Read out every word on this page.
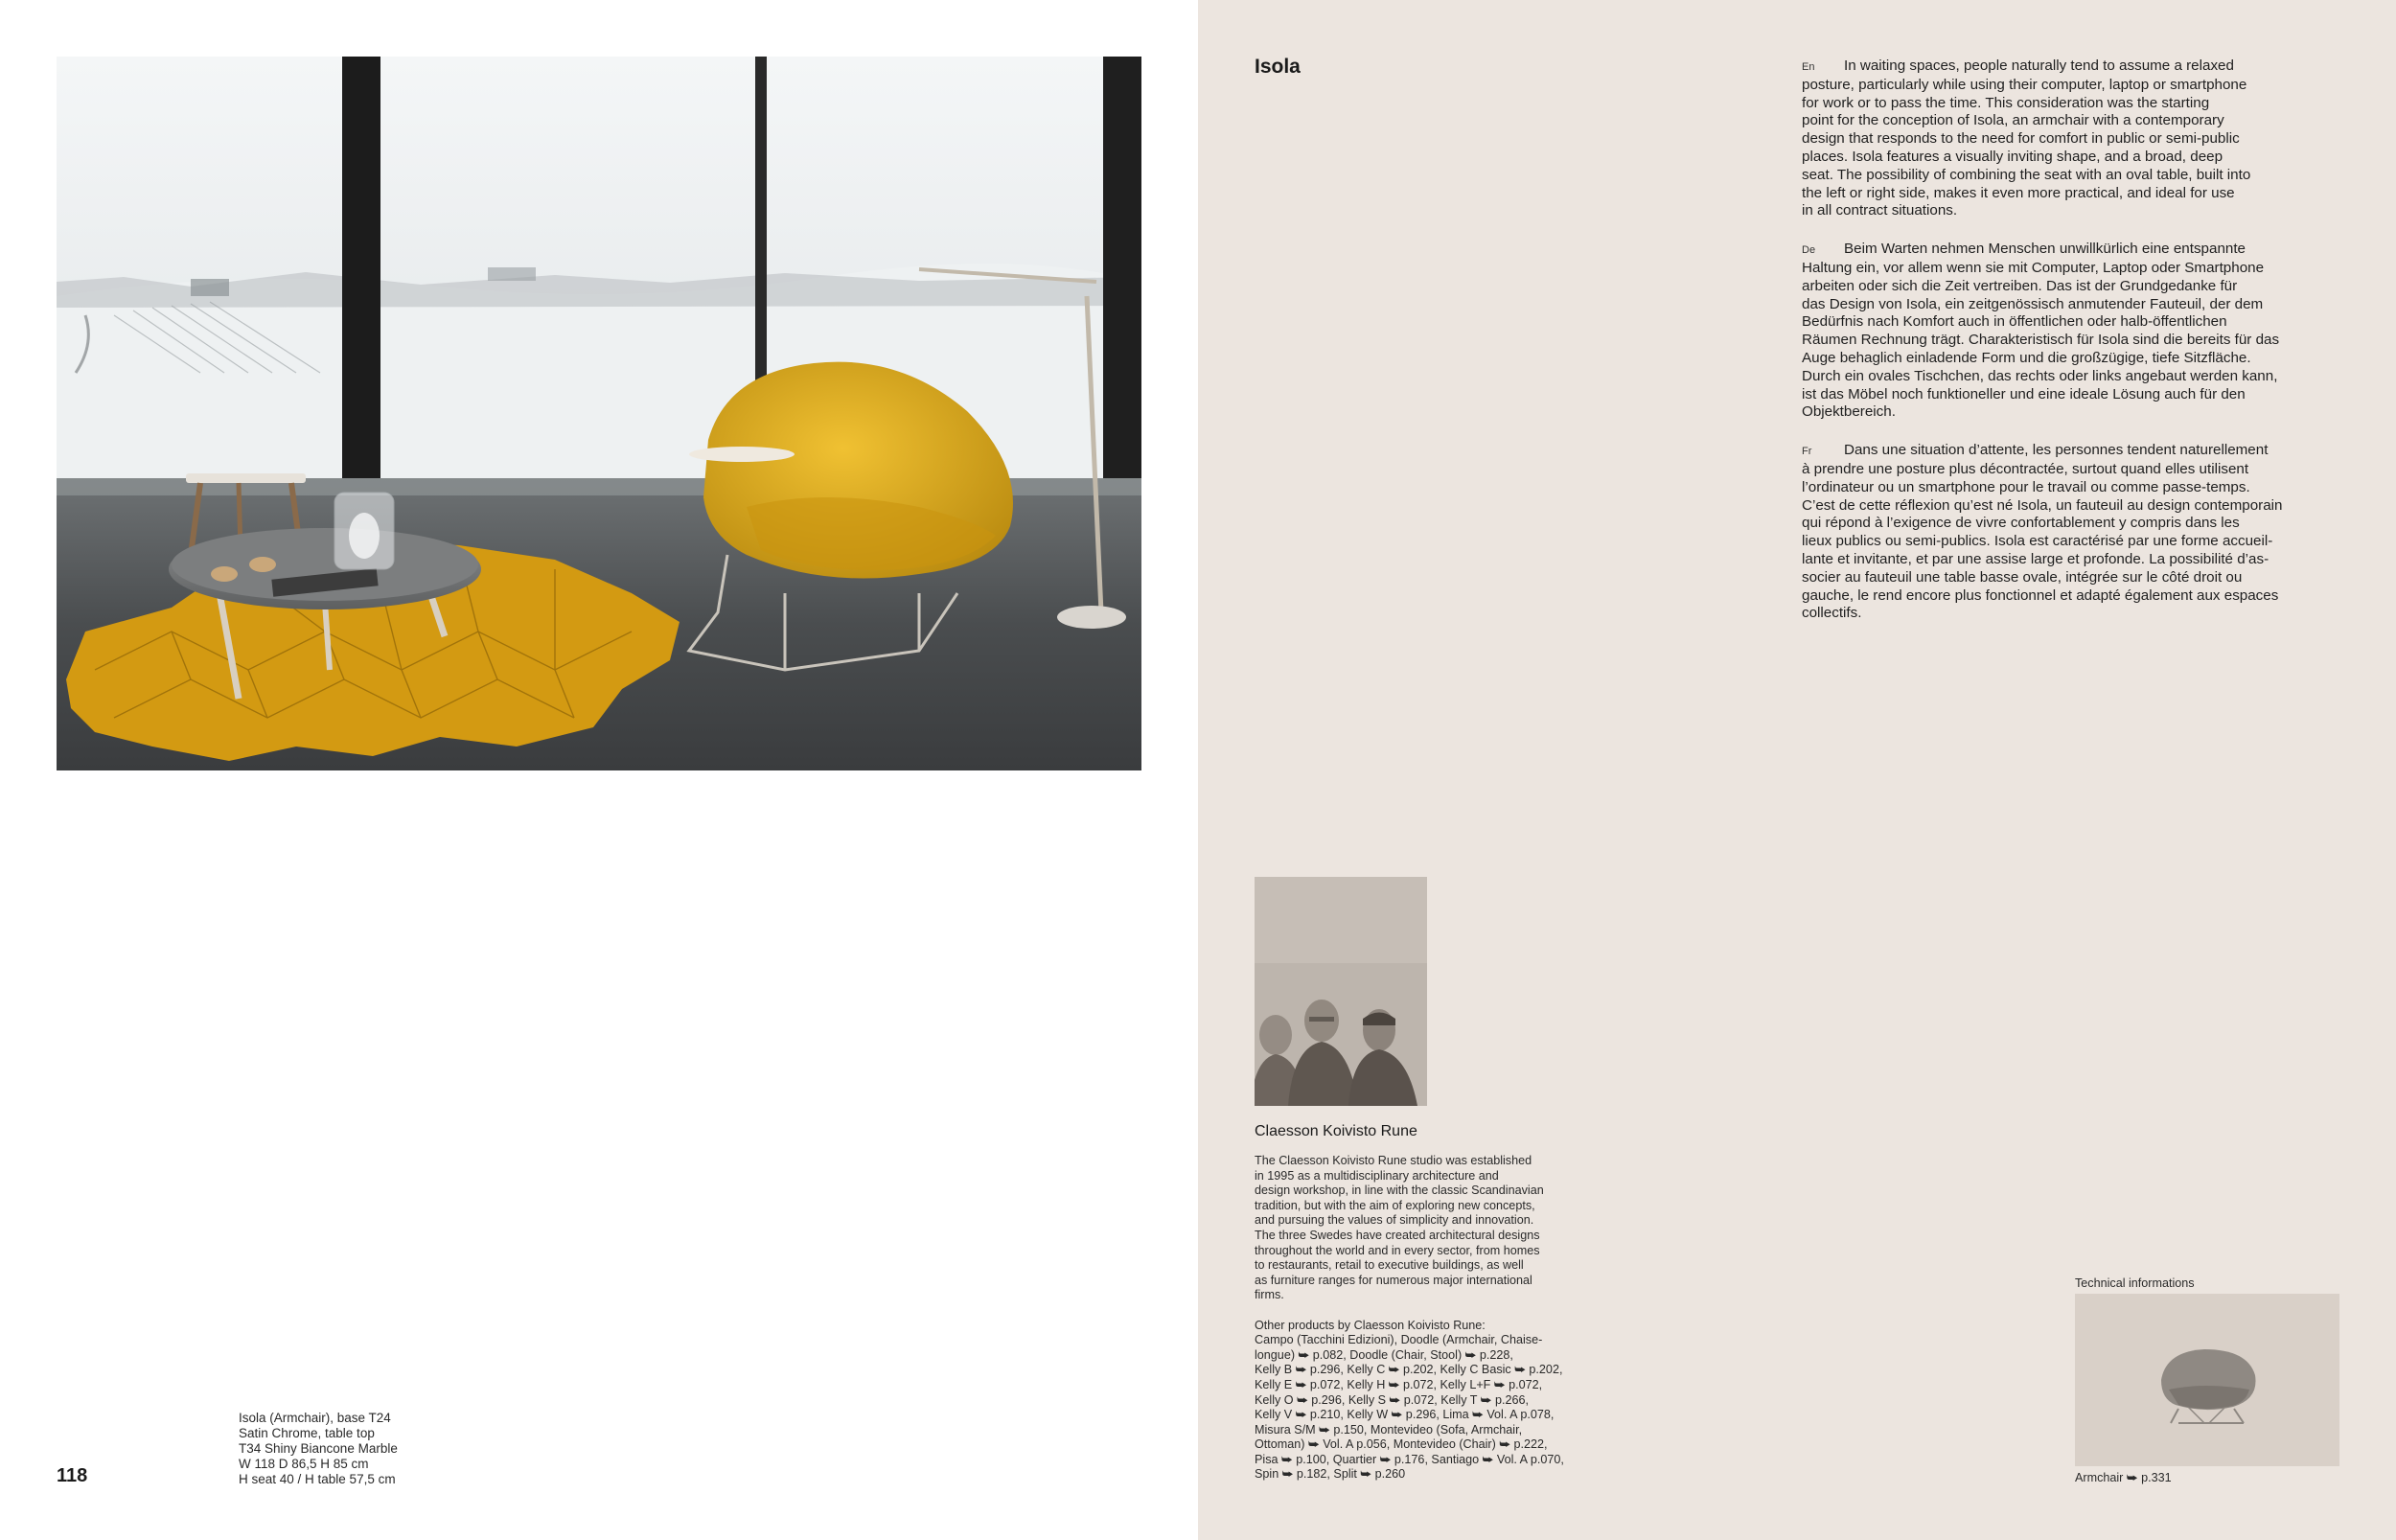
Isola (Armchair), base T24
Satin Chrome, table top
T34 Shiny Biancone Marble
W 118 D 86,5 H 85 cm
H seat 40 / H table 57,5 cm
118
Isola	En In waiting spaces, people naturally tend to assume a relaxed
posture, particularly while using their computer, laptop or smartphone
for work or to pass the time. This consideration was the starting
point for the conception of Isola, an armchair with a contemporary
design that responds to the need for comfort in public or semi-public
places. Isola features a visually inviting shape, and a broad, deep
seat. The possibility of combining the seat with an oval table, built into
the left or right side, makes it even more practical, and ideal for use
in all contract situations.
De Beim Warten nehmen Menschen unwillkürlich eine entspannte
Haltung ein, vor allem wenn sie mit Computer, Laptop oder Smartphone
arbeiten oder sich die Zeit vertreiben. Das ist der Grundgedanke für
das Design von Isola, ein zeitgenössisch anmutender Fauteuil, der dem
Bedürfnis nach Komfort auch in öffentlichen oder halb-öffentlichen
Räumen Rechnung trägt. Charakteristisch für Isola sind die bereits für das
Auge behaglich einladende Form und die großzügige, tiefe Sitzfläche.
Durch ein ovales Tischchen, das rechts oder links angebaut werden kann,
ist das Möbel noch funktioneller und eine ideale Lösung auch für den
Objektbereich.
Fr Dans une situation d’attente, les personnes tendent naturellement
à prendre une posture plus décontractée, surtout quand elles utilisent
l’ordinateur ou un smartphone pour le travail ou comme passe-temps.
C’est de cette réflexion qu’est né Isola, un fauteuil au design contemporain
qui répond à l’exigence de vivre confortablement y compris dans les
lieux publics ou semi-publics. Isola est caractérisé par une forme accueil-
lante et invitante, et par une assise large et profonde. La possibilité d’as-
socier au fauteuil une table basse ovale, intégrée sur le côté droit ou
gauche, le rend encore plus fonctionnel et adapté également aux espaces
collectifs.
Claesson Koivisto Rune
The Claesson Koivisto Rune studio was established
in 1995 as a multidisciplinary architecture and
design workshop, in line with the classic Scandinavian
tradition, but with the aim of exploring new concepts,
and pursuing the values of simplicity and innovation.
The three Swedes have created architectural designs
throughout the world and in every sector, from homes
to restaurants, retail to executive buildings, as well
as furniture ranges for numerous major international
firms.
Other products by Claesson Koivisto Rune:
Campo (Tacchini Edizioni), Doodle (Armchair, Chaise-
longue) ⮩ p.082, Doodle (Chair, Stool) ⮩ p.228,
Kelly B ⮩ p.296, Kelly C ⮩ p.202, Kelly C Basic ⮩ p.202,
Kelly E ⮩ p.072, Kelly H ⮩ p.072, Kelly L+F ⮩ p.072,
Kelly O ⮩ p.296, Kelly S ⮩ p.072, Kelly T ⮩ p.266,
Kelly V ⮩ p.210, Kelly W ⮩ p.296, Lima ⮩ Vol. A p.078,
Misura S/M ⮩ p.150, Montevideo (Sofa, Armchair,
Ottoman) ⮩ Vol. A p.056, Montevideo (Chair) ⮩ p.222,
Pisa ⮩ p.100, Quartier ⮩ p.176, Santiago ⮩ Vol. A p.070,
Spin ⮩ p.182, Split ⮩ p.260
Technical informations
Armchair ⮩ p.331
